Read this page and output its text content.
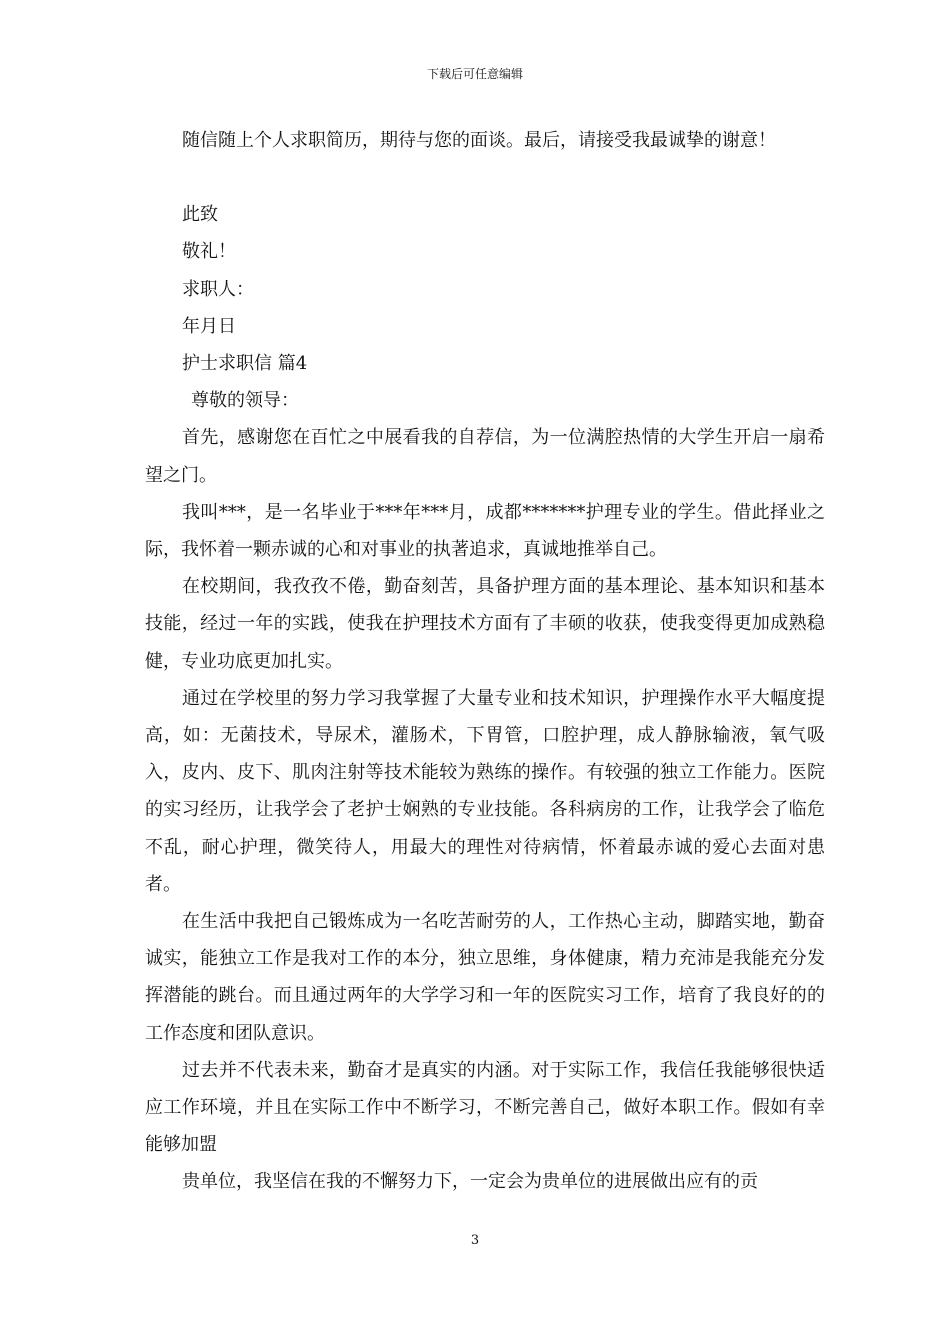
下载后可任意编辑

随信随上个人求职简历，期待与您的面谈。最后，请接受我最诚挚的谢意！

此致

敬礼！

求职人：

年月日

护士求职信 篇4

尊敬的领导：

首先，感谢您在百忙之中展看我的自荐信，为一位满腔热情的大学生开启一扇希望之门。

我叫***，是一名毕业于***年***月，成都*******护理专业的学生。借此择业之际，我怀着一颗赤诚的心和对事业的执著追求，真诚地推举自己。

在校期间，我孜孜不倦，勤奋刻苦，具备护理方面的基本理论、基本知识和基本技能，经过一年的实践，使我在护理技术方面有了丰硕的收获，使我变得更加成熟稳健，专业功底更加扎实。

通过在学校里的努力学习我掌握了大量专业和技术知识，护理操作水平大幅度提高，如：无菌技术，导尿术，灌肠术，下胃管，口腔护理，成人静脉输液，氧气吸入，皮内、皮下、肌肉注射等技术能较为熟练的操作。有较强的独立工作能力。医院的实习经历，让我学会了老护士娴熟的专业技能。各科病房的工作，让我学会了临危不乱，耐心护理，微笑待人，用最大的理性对待病情，怀着最赤诚的爱心去面对患者。

在生活中我把自己锻炼成为一名吃苦耐劳的人，工作热心主动，脚踏实地，勤奋诚实，能独立工作是我对工作的本分，独立思维，身体健康，精力充沛是我能充分发挥潜能的跳台。而且通过两年的大学学习和一年的医院实习工作，培育了我良好的的工作态度和团队意识。

过去并不代表未来，勤奋才是真实的内涵。对于实际工作，我信任我能够很快适应工作环境，并且在实际工作中不断学习，不断完善自己，做好本职工作。假如有幸能够加盟

贵单位，我坚信在我的不懈努力下，一定会为贵单位的进展做出应有的贡

3
